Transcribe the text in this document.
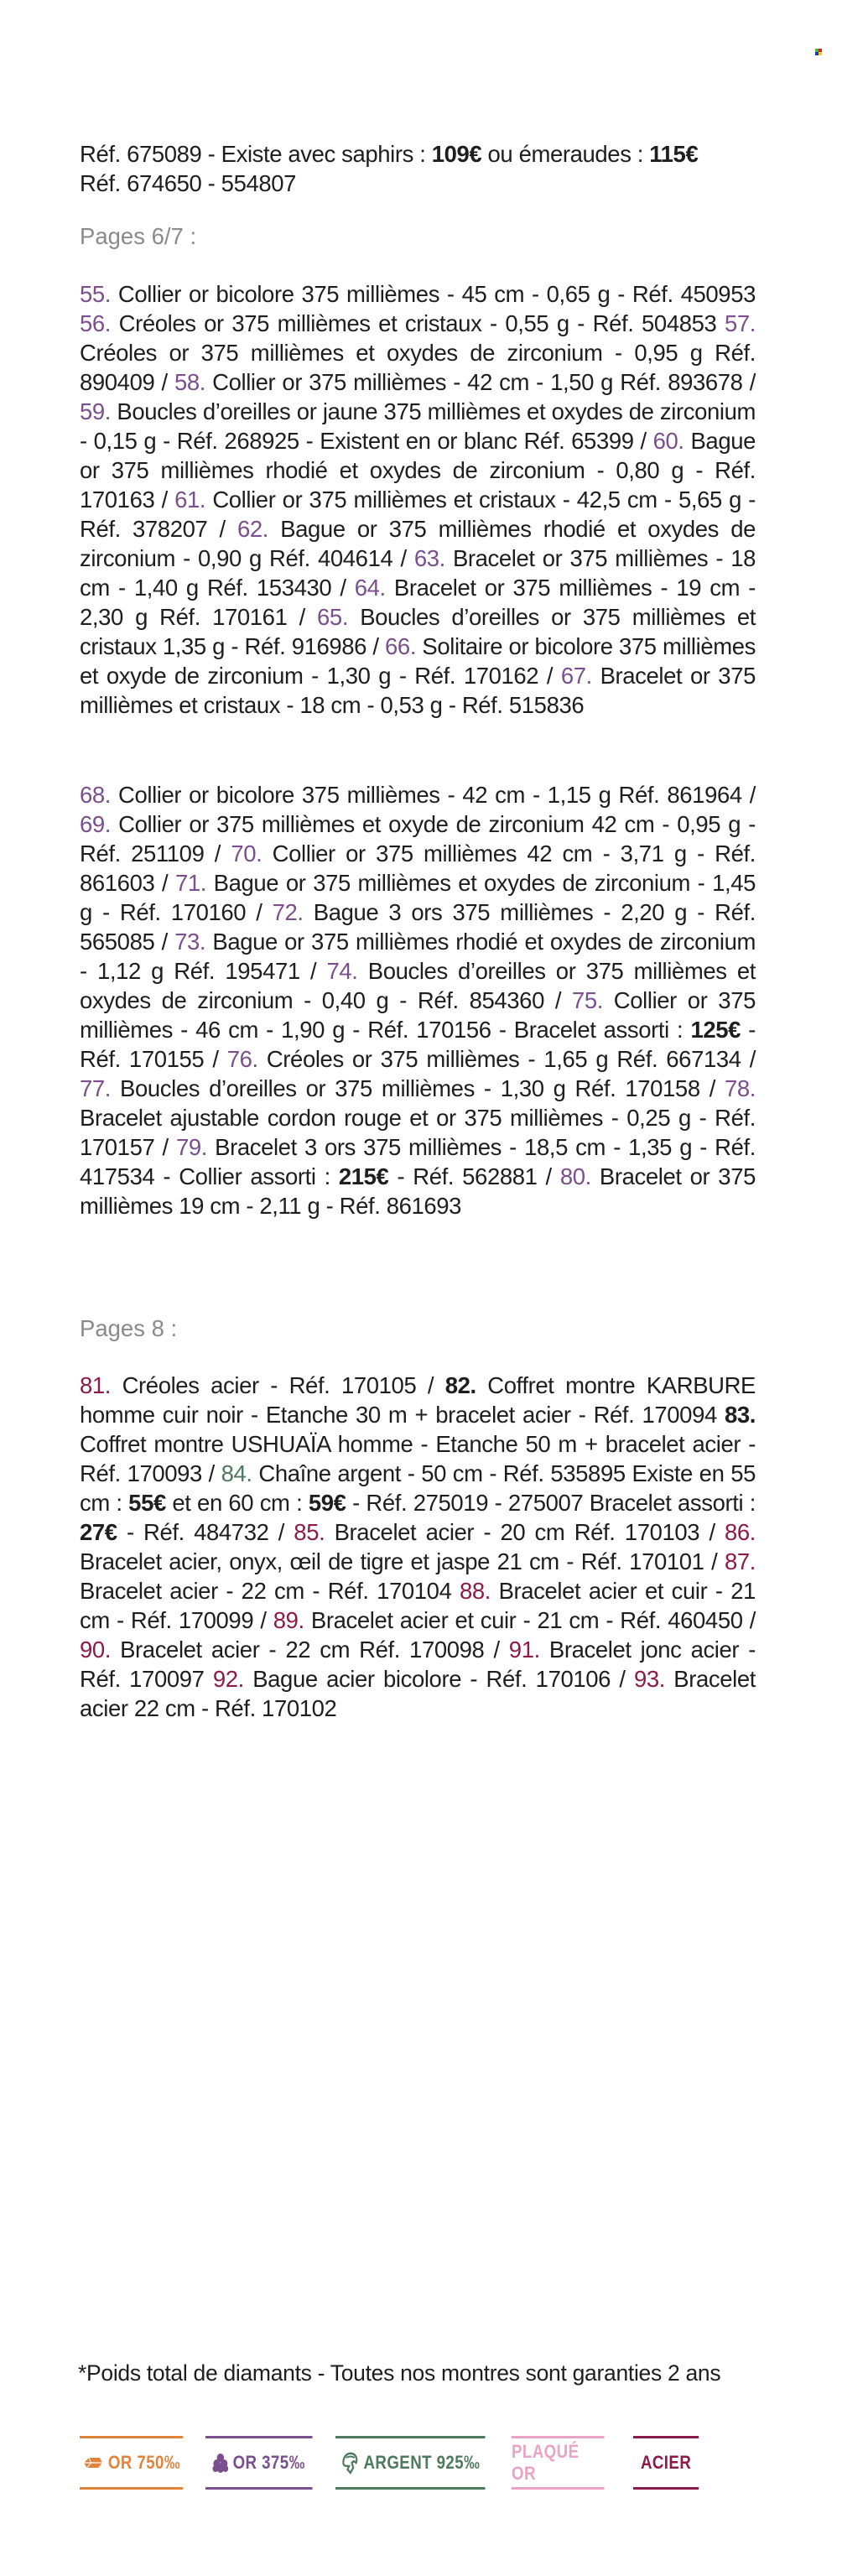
Réf. 675089 - Existe avec saphirs : 109€ ou émeraudes : 115€

Réf. 674650 - 554807

Pages 6/7 :

55. Collier or bicolore 375 millièmes - 45 cm - 0,65 g - Réf. 450953 56. Créoles or 375 millièmes et cristaux - 0,55 g - Réf. 504853 57. Créoles or 375 millièmes et oxydes de zirconium - 0,95 g Réf. 890409 / 58. Collier or 375 millièmes - 42 cm - 1,50 g Réf. 893678 / 59. Boucles d’oreilles or jaune 375 millièmes et oxydes de zirconium - 0,15 g - Réf. 268925 - Existent en or blanc Réf. 65399 / 60. Bague or 375 millièmes rhodié et oxydes de zirconium - 0,80 g - Réf. 170163 / 61. Collier or 375 millièmes et cristaux - 42,5 cm - 5,65 g - Réf. 378207 / 62. Bague or 375 millièmes rhodié et oxydes de zirconium - 0,90 g Réf. 404614 / 63. Bracelet or 375 millièmes - 18 cm - 1,40 g Réf. 153430 / 64. Bracelet or 375 millièmes - 19 cm - 2,30 g Réf. 170161 / 65. Boucles d’oreilles or 375 millièmes et cristaux 1,35 g - Réf. 916986 / 66. Solitaire or bicolore 375 millièmes et oxyde de zirconium - 1,30 g - Réf. 170162 / 67. Bracelet or 375 millièmes et cristaux - 18 cm - 0,53 g - Réf. 515836

68. Collier or bicolore 375 millièmes - 42 cm - 1,15 g Réf. 861964 / 69. Collier or 375 millièmes et oxyde de zirconium 42 cm - 0,95 g - Réf. 251109 / 70. Collier or 375 millièmes 42 cm - 3,71 g - Réf. 861603 / 71. Bague or 375 millièmes et oxydes de zirconium - 1,45 g - Réf. 170160 / 72. Bague 3 ors 375 millièmes - 2,20 g - Réf. 565085 / 73. Bague or 375 millièmes rhodié et oxydes de zirconium - 1,12 g Réf. 195471 / 74. Boucles d’oreilles or 375 millièmes et oxydes de zirconium - 0,40 g - Réf. 854360 / 75. Collier or 375 millièmes - 46 cm - 1,90 g - Réf. 170156 - Bracelet assorti : 125€ - Réf. 170155 / 76. Créoles or 375 millièmes - 1,65 g Réf. 667134 / 77. Boucles d’oreilles or 375 millièmes - 1,30 g Réf. 170158 / 78. Bracelet ajustable cordon rouge et or 375 millièmes - 0,25 g - Réf. 170157 / 79. Bracelet 3 ors 375 millièmes - 18,5 cm - 1,35 g - Réf. 417534 - Collier assorti : 215€ - Réf. 562881 / 80. Bracelet or 375 millièmes 19 cm - 2,11 g - Réf. 861693

Pages 8 :

81. Créoles acier - Réf. 170105 / 82. Coffret montre KARBURE homme cuir noir - Etanche 30 m + bracelet acier - Réf. 170094 83. Coffret montre USHUAÏA homme - Etanche 50 m + bracelet acier - Réf. 170093 / 84. Chaîne argent - 50 cm - Réf. 535895 Existe en 55 cm : 55€ et en 60 cm : 59€ - Réf. 275019 - 275007 Bracelet assorti : 27€ - Réf. 484732 / 85. Bracelet acier - 20 cm Réf. 170103 / 86. Bracelet acier, onyx, œil de tigre et jaspe 21 cm - Réf. 170101 / 87. Bracelet acier - 22 cm - Réf. 170104 88. Bracelet acier et cuir - 21 cm - Réf. 170099 / 89. Bracelet acier et cuir - 21 cm - Réf. 460450 / 90. Bracelet acier - 22 cm Réf. 170098 / 91. Bracelet jonc acier - Réf. 170097 92. Bague acier bicolore - Réf. 170106 / 93. Bracelet acier 22 cm - Réf. 170102

*Poids total de diamants - Toutes nos montres sont garanties 2 ans
OR 750‰	OR 375‰	ARGENT 925‰
PLAQUÉ OR
ACIER
